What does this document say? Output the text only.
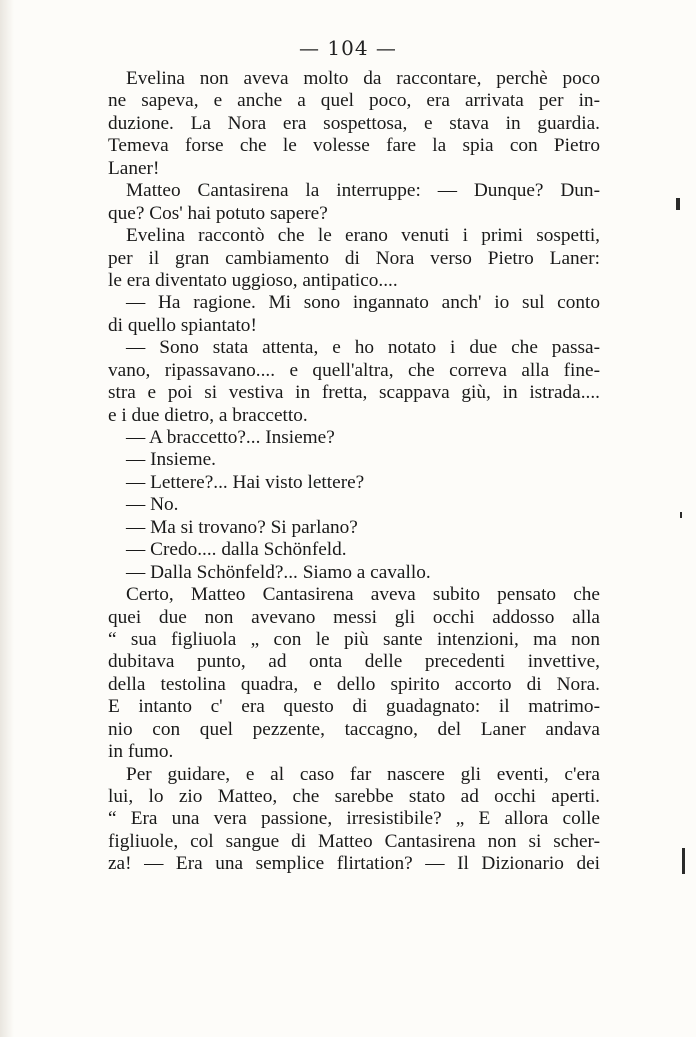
— 104 —
Evelina non aveva molto da raccontare, perchè poco
ne sapeva, e anche a quel poco, era arrivata per in-
duzione. La Nora era sospettosa, e stava in guardia.
Temeva forse che le volesse fare la spia con Pietro
Laner!
Matteo Cantasirena la interruppe: — Dunque? Dun-
que? Cos' hai potuto sapere?
Evelina raccontò che le erano venuti i primi sospetti,
per il gran cambiamento di Nora verso Pietro Laner:
le era diventato uggioso, antipatico....
— Ha ragione. Mi sono ingannato anch' io sul conto
di quello spiantato!
— Sono stata attenta, e ho notato i due che passa-
vano, ripassavano.... e quell'altra, che correva alla fine-
stra e poi si vestiva in fretta, scappava giù, in istrada....
e i due dietro, a braccetto.
— A braccetto?... Insieme?
— Insieme.
— Lettere?... Hai visto lettere?
— No.
— Ma si trovano? Si parlano?
— Credo.... dalla Schönfeld.
— Dalla Schönfeld?... Siamo a cavallo.
Certo, Matteo Cantasirena aveva subito pensato che
quei due non avevano messi gli occhi addosso alla
“ sua figliuola „ con le più sante intenzioni, ma non
dubitava punto, ad onta delle precedenti invettive,
della testolina quadra, e dello spirito accorto di Nora.
E intanto c' era questo di guadagnato: il matrimo-
nio con quel pezzente, taccagno, del Laner andava
in fumo.
Per guidare, e al caso far nascere gli eventi, c'era
lui, lo zio Matteo, che sarebbe stato ad occhi aperti.
“ Era una vera passione, irresistibile? „ E allora colle
figliuole, col sangue di Matteo Cantasirena non si scher-
za! — Era una semplice flirtation? — Il Dizionario dei
